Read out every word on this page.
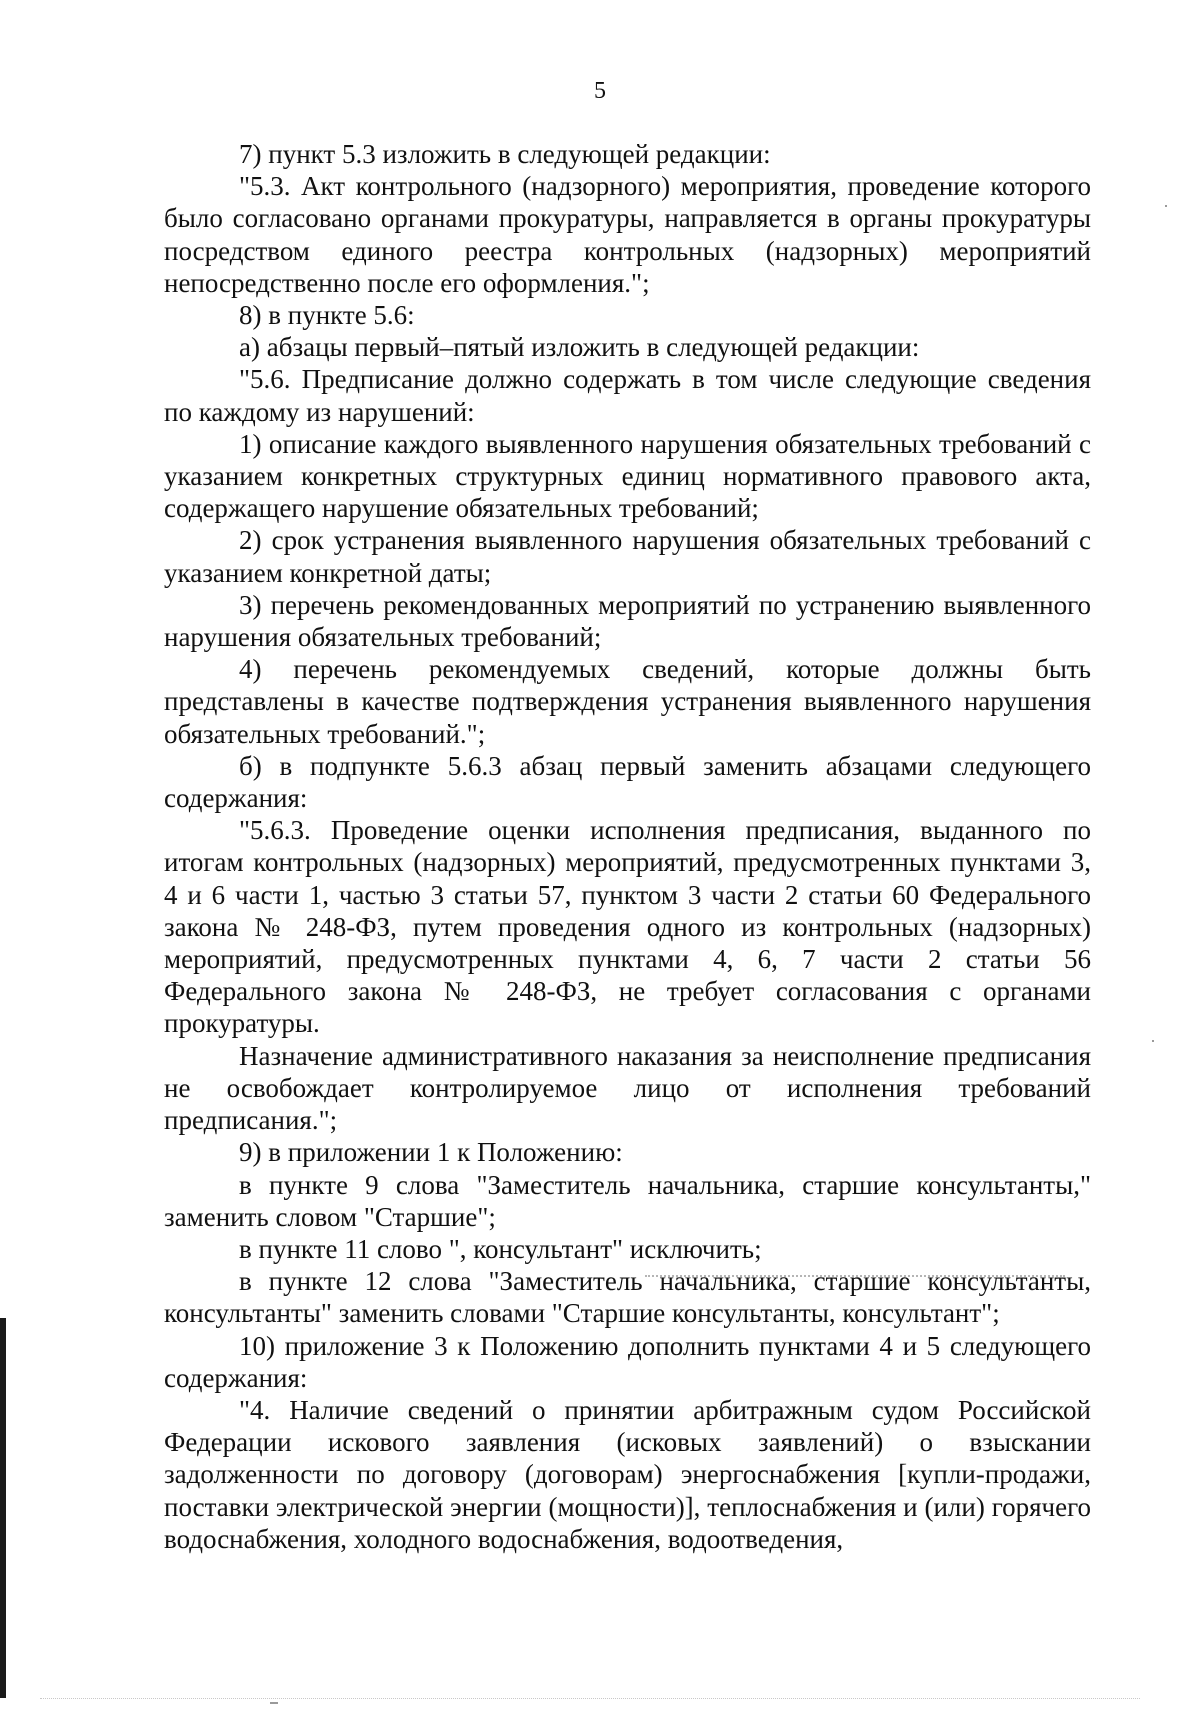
5

7) пункт 5.3 изложить в следующей редакции:

"5.3. Акт контрольного (надзорного) мероприятия, проведение которого было согласовано органами прокуратуры, направляется в органы прокуратуры посредством единого реестра контрольных (надзорных) мероприятий непосредственно после его оформления.";

8) в пункте 5.6:

а) абзацы первый–пятый изложить в следующей редакции:

"5.6. Предписание должно содержать в том числе следующие сведения по каждому из нарушений:

1) описание каждого выявленного нарушения обязательных требований с указанием конкретных структурных единиц нормативного правового акта, содержащего нарушение обязательных требований;

2) срок устранения выявленного нарушения обязательных требований с указанием конкретной даты;

3) перечень рекомендованных мероприятий по устранению выявленного нарушения обязательных требований;

4) перечень рекомендуемых сведений, которые должны быть представлены в качестве подтверждения устранения выявленного нарушения обязательных требований.";

б) в подпункте 5.6.3 абзац первый заменить абзацами следующего содержания:

"5.6.3. Проведение оценки исполнения предписания, выданного по итогам контрольных (надзорных) мероприятий, предусмотренных пунктами 3, 4 и 6 части 1, частью 3 статьи 57, пунктом 3 части 2 статьи 60 Федерального закона № 248-ФЗ, путем проведения одного из контрольных (надзорных) мероприятий, предусмотренных пунктами 4, 6, 7 части 2 статьи 56 Федерального закона № 248-ФЗ, не требует согласования с органами прокуратуры.

Назначение административного наказания за неисполнение предписания не освобождает контролируемое лицо от исполнения требований предписания.";

9) в приложении 1 к Положению:

в пункте 9 слова "Заместитель начальника, старшие консультанты," заменить словом "Старшие";

в пункте 11 слово ", консультант" исключить;

в пункте 12 слова "Заместитель начальника, старшие консультанты, консультанты" заменить словами "Старшие консультанты, консультант";

10) приложение 3 к Положению дополнить пунктами 4 и 5 следующего содержания:

"4. Наличие сведений о принятии арбитражным судом Российской Федерации искового заявления (исковых заявлений) о взыскании задолженности по договору (договорам) энергоснабжения [купли-продажи, поставки электрической энергии (мощности)], теплоснабжения и (или) горячего водоснабжения, холодного водоснабжения, водоотведения,
